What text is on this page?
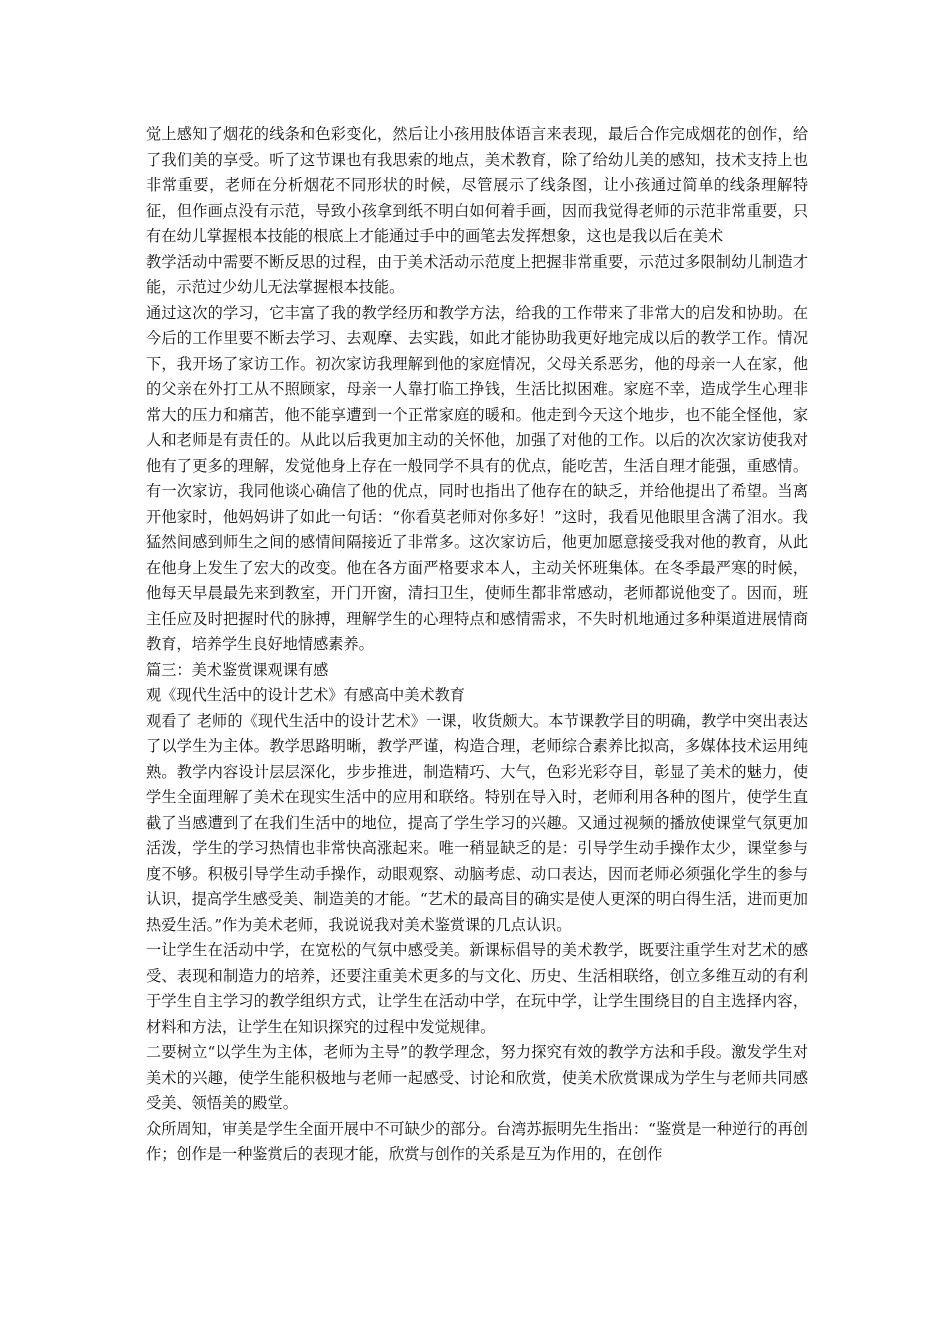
觉上感知了烟花的线条和色彩变化，然后让小孩用肢体语言来表现，最后合作完成烟花的创作，给了我们美的享受。听了这节课也有我思索的地点，美术教育，除了给幼儿美的感知，技术支持上也非常重要，老师在分析烟花不同形状的时候，尽管展示了线条图，让小孩通过简单的线条理解特征，但作画点没有示范，导致小孩拿到纸不明白如何着手画，因而我觉得老师的示范非常重要，只有在幼儿掌握根本技能的根底上才能通过手中的画笔去发挥想象，这也是我以后在美术

教学活动中需要不断反思的过程，由于美术活动示范度上把握非常重要，示范过多限制幼儿制造才能，示范过少幼儿无法掌握根本技能。

通过这次的学习，它丰富了我的教学经历和教学方法，给我的工作带来了非常大的启发和协助。在今后的工作里要不断去学习、去观摩、去实践，如此才能协助我更好地完成以后的教学工作。情况下，我开场了家访工作。初次家访我理解到他的家庭情况，父母关系恶劣，他的母亲一人在家，他的父亲在外打工从不照顾家，母亲一人靠打临工挣钱，生活比拟困难。家庭不幸，造成学生心理非常大的压力和痛苦，他不能享遭到一个正常家庭的暖和。他走到今天这个地步，也不能全怪他，家人和老师是有责任的。从此以后我更加主动的关怀他，加强了对他的工作。以后的次次家访使我对他有了更多的理解，发觉他身上存在一般同学不具有的优点，能吃苦，生活自理才能强，重感情。有一次家访，我同他谈心确信了他的优点，同时也指出了他存在的缺乏，并给他提出了希望。当离开他家时，他妈妈讲了如此一句话：“你看莫老师对你多好！”这时，我看见他眼里含满了泪水。我猛然间感到师生之间的感情间隔接近了非常多。这次家访后，他更加愿意接受我对他的教育，从此在他身上发生了宏大的改变。他在各方面严格要求本人，主动关怀班集体。在冬季最严寒的时候，他每天早晨最先来到教室，开门开窗，清扫卫生，使师生都非常感动，老师都说他变了。因而，班主任应及时把握时代的脉搏，理解学生的心理特点和感情需求，不失时机地通过多种渠道进展情商教育，培养学生良好地情感素养。

篇三：美术鉴赏课观课有感

观《现代生活中的设计艺术》有感高中美术教育

观看了 老师的《现代生活中的设计艺术》一课，收货颇大。本节课教学目的明确，教学中突出表达了以学生为主体。教学思路明晰，教学严谨，构造合理，老师综合素养比拟高，多媒体技术运用纯熟。教学内容设计层层深化，步步推进，制造精巧、大气，色彩光彩夺目，彰显了美术的魅力，使学生全面理解了美术在现实生活中的应用和联络。特别在导入时，老师利用各种的图片，使学生直截了当感遭到了在我们生活中的地位，提高了学生学习的兴趣。又通过视频的播放使课堂气氛更加活泼，学生的学习热情也非常快高涨起来。唯一稍显缺乏的是：引导学生动手操作太少，课堂参与度不够。积极引导学生动手操作，动眼观察、动脑考虑、动口表达，因而老师必须强化学生的参与认识，提高学生感受美、制造美的才能。“艺术的最高目的确实是使人更深的明白得生活，进而更加热爱生活。”作为美术老师，我说说我对美术鉴赏课的几点认识。

一让学生在活动中学，在宽松的气氛中感受美。新课标倡导的美术教学，既要注重学生对艺术的感受、表现和制造力的培养，还要注重美术更多的与文化、历史、生活相联络，创立多维互动的有利于学生自主学习的教学组织方式，让学生在活动中学，在玩中学，让学生围绕目的自主选择内容，材料和方法，让学生在知识探究的过程中发觉规律。

二要树立“以学生为主体，老师为主导”的教学理念，努力探究有效的教学方法和手段。激发学生对美术的兴趣，使学生能积极地与老师一起感受、讨论和欣赏，使美术欣赏课成为学生与老师共同感受美、领悟美的殿堂。

众所周知，审美是学生全面开展中不可缺少的部分。台湾苏振明先生指出：“鉴赏是一种逆行的再创作；创作是一种鉴赏后的表现才能，欣赏与创作的关系是互为作用的，在创作
